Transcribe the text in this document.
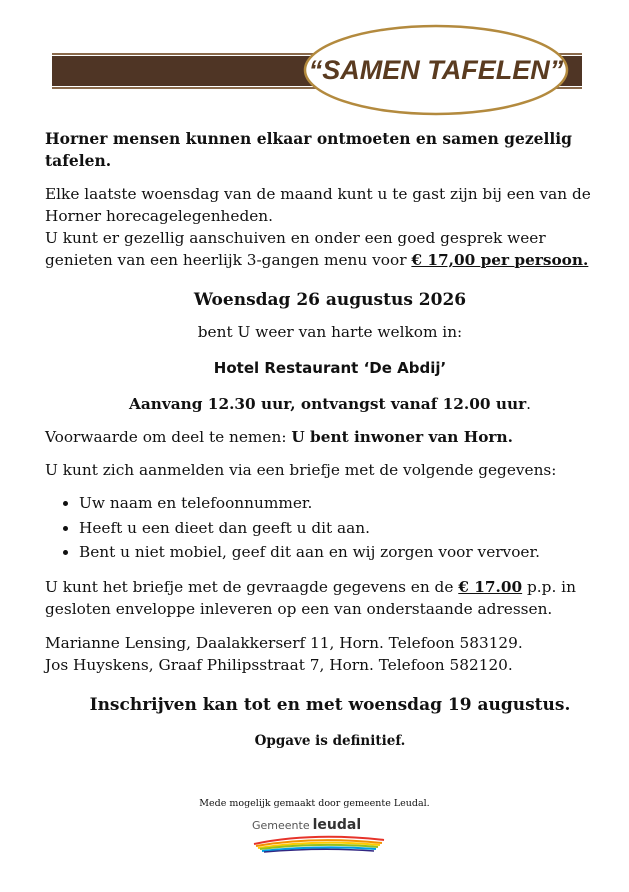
“SAMEN TAFELEN”

Horner mensen kunnen elkaar ontmoeten en samen gezellig tafelen.

Elke laatste woensdag van de maand kunt u te gast zijn bij een van de Horner horecagelegenheden.
U kunt er gezellig aanschuiven en onder een goed gesprek weer genieten van een heerlijk 3-gangen menu voor € 17,00 per persoon.

Woensdag 26 augustus 2026

bent U weer van harte welkom in:

Hotel Restaurant ‘De Abdij’

Aanvang 12.30 uur, ontvangst vanaf 12.00 uur.

Voorwaarde om deel te nemen: U bent inwoner van Horn.

U kunt zich aanmelden via een briefje met de volgende gegevens:

• Uw naam en telefoonnummer.
• Heeft u een dieet dan geeft u dit aan.
• Bent u niet mobiel, geef dit aan en wij zorgen voor vervoer.

U kunt het briefje met de gevraagde gegevens en de € 17.00 p.p. in gesloten enveloppe inleveren op een van onderstaande adressen.

Marianne Lensing, Daalakkerserf 11, Horn. Telefoon 583129.
Jos Huyskens, Graaf Philipsstraat 7, Horn. Telefoon 582120.

Inschrijven kan tot en met woensdag 19 augustus.

Opgave is definitief.

Mede mogelijk gemaakt door gemeente Leudal.
Gemeente leudal
